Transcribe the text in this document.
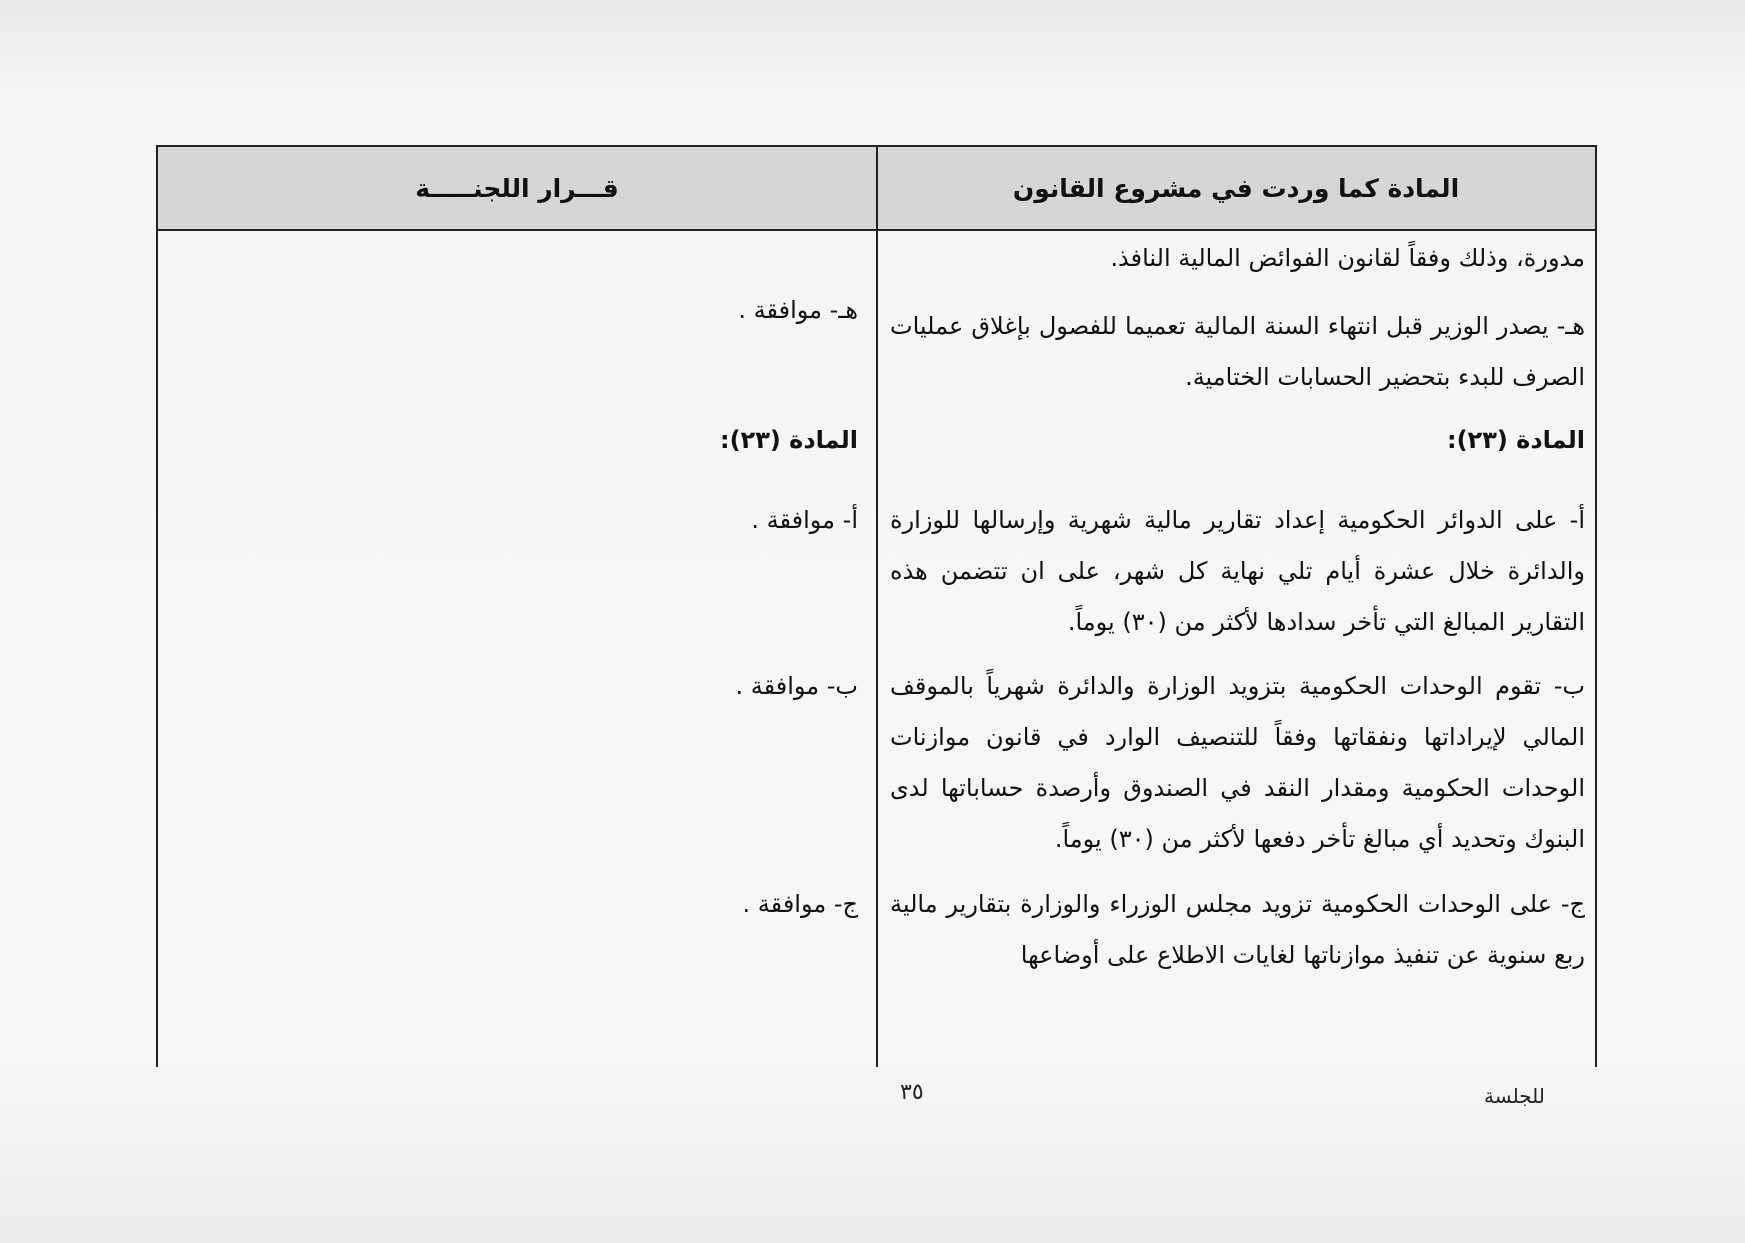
المادة كما وردت في مشروع القانون
قـــرار اللجنـــــة
مدورة، وذلك وفقاً لقانون الفوائض المالية النافذ.
هـ- يصدر الوزير قبل انتهاء السنة المالية تعميما للفصول بإغلاق عمليات الصرف للبدء بتحضير الحسابات الختامية.
المادة (٢٣):
أ- على الدوائر الحكومية إعداد تقارير مالية شهرية وإرسالها للوزارة والدائرة خلال عشرة أيام تلي نهاية كل شهر، على ان تتضمن هذه التقارير المبالغ التي تأخر سدادها لأكثر من (٣٠) يوماً.
ب- تقوم الوحدات الحكومية بتزويد الوزارة والدائرة شهرياً بالموقف المالي لإيراداتها ونفقاتها وفقاً للتنصيف الوارد في قانون موازنات الوحدات الحكومية ومقدار النقد في الصندوق وأرصدة حساباتها لدى البنوك وتحديد أي مبالغ تأخر دفعها لأكثر من (٣٠) يوماً.
ج- على الوحدات الحكومية تزويد مجلس الوزراء والوزارة بتقارير مالية ربع سنوية عن تنفيذ موازناتها لغايات الاطلاع على أوضاعها
هـ- موافقة .
المادة (٢٣):
أ- موافقة .
ب- موافقة .
ج- موافقة .
٣٥	للجلسة
